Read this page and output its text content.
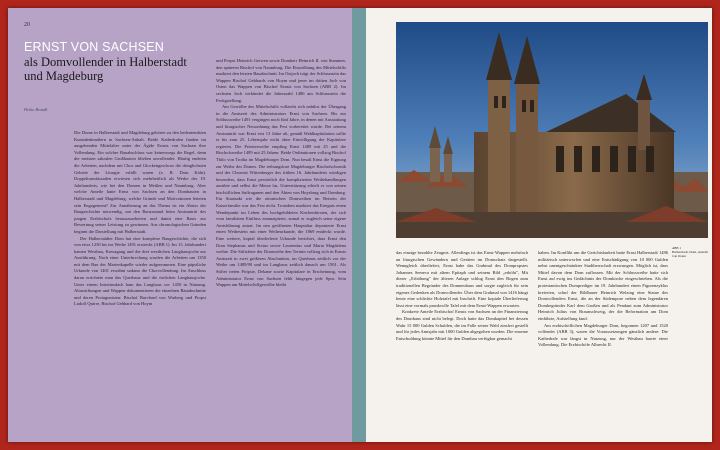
20
ERNST VON SACHSEN
als Domvollender in Halberstadt und Magdeburg
Heiko Brandl

Die Dome in Halberstadt und Magdeburg gehören zu den bedeutendsten Kunstdenkmälern in Sachsen-Anhalt. Beide Kathedralen fanden im ausgehenden Mittelalter unter der Ägide Ernsts von Sachsen ihre Vollendung. Ein solcher Bauabschluss war keineswegs die Regel, denn die meisten sakralen Großbauten blieben unvollendet. Häufig endeten die Arbeiten, nachdem mit Chor und Glockengeschoss die dringlichsten Gebiete der Liturgie erfüllt waren (z. B. Dom Köln). Doppelturmfassaden erwiesen sich mehrheitlich als Werke des 19. Jahrhunderts, wie bei den Domen in Meißen und Naumburg. Aber welche Anteile hatte Ernst von Sachsen an den Dombauten in Halberstadt und Magdeburg, welche Gründe und Motivationen leiteten sein Engagement? Zur Annäherung an das Thema ist ein Abriss der Baugeschichte notwendig, um den Bauzustand beim Amtsantritt des jungen Erzbischofs herauszuarbeiten und damit eine Basis zur Bewertung seiner Leistung zu gewinnen. Aus chronologischen Gründen beginnt die Darstellung mit Halberstadt.

Der Halberstädter Dom hat eine komplexe Baugeschichte, die sich von etwa 1230 bis ins Weihe 1491 erstreckt (ABB 1). Im 13. Jahrhundert kamen Westbau, Kreuzgang und die drei westlichen Langhausjoche zur Ausführung. Nach einer Unterbrechung wurden die Arbeiten um 1350 mit dem Bau der Marienkapelle wieder aufgenommen. Eine päpstliche Urkunde von 1401 erwähnt sodann die Chorvollendung. Im Anschluss daran errichtete man das Querhaus und die östlichen Langhausjoche. Unter einem Interimsdach kam das Langhaus vor 1450 in Nutzung. Altarstiftungen und Wappen dokumentieren die einzelnen Bauabschnitte und deren Protagonisten: Bischof Burchard von Warberg und Propst Ludolf Quirre, Bischof Gebhard von Hoym

und Propst Heinrich Gerwen sowie Domherr Heinrich II. von Stammer, den späteren Bischof von Naumburg. Die Einwölbung des Mittelschiffs markiert den letzten Bauabschnitt. Im Ostjoch trägt der Schlussstein das Wappen Bischof Gebhards von Hoym und jener im dritten Joch von Osten das Wappen von Bischof Ernsts von Sachsen (ABB 2). Im sechsten Joch verkündet die Jahreszahl 1486 am Schlussstein die Fertigstellung.

Am Gewölbe des Mittelschiffs vollzieht sich nahtlos der Übergang in die Amtszeit des Administrators Ernst von Sachsen. Bis zur Schlussweihe 1491 vergingen noch fünf Jahre, in denen mit Ausstattung und liturgischer Neuordnung das Fest vorbereitet wurde. Bei seinem Amtsantritt war Ernst erst 13 Jahre alt, gemäß Wahlkapitulation sollte er bis zum 25. Lebensjahr nicht ohne Einwilligung der Kapitulare regieren. Die Priesterweihe empfing Ernst 1489 mit 25 und die Bischofsweihe 1489 mit 25 Jahren. Beide Ordinationen vollzog Bischof Thilo von Trotha im Magdeburger Dom. Nun besaß Ernst die Eignung zur Weihe des Domes. Die reibungslose Magdeburger Bischofschronik und der Chronist Wittenberger des frühen 16. Jahrhunderts würdigen besonders, dass Ernst persönlich die komplizierten Weihehandlungen ausübte und selbst die Messe las. Unterstützung erhielt er von seinen bischöflichen Suffraganen und den Äbten von Huysburg und Ilsenburg. Ein Staatsakt wie die ottonischen Domweihen im Beisein der Kaiserfamilie war das Fest nicht. Trotzdem markiert das Ereignis einen Wendepunkt im Leben des hochgebildeten Kirchenfürsten, der sich vom familiären Einfluss emanzipierte, zumal er zugleich seine eigene Amtsführung antrat. Im neu geöffneten Hauptaltar deponierte Ernst einen Weihestein mit einer Weiheurkunde, die 1869 entdeckt wurde. Eine weitere, kopial überlieferte Urkunde berichtet, dass Ernst den Dom Stephanus und Sixtus sowie Laurentius und Maria Magdalena weihte. Die Stiftsfeier der Domweihe den Termin vollzog sich in Ernsts Amtszeit in zwei größeren Abschnitten, im Querhaus zeitlich vor der Weihe um 1489/90 und im Langhaus zeitlich danach um 1501. Als Stifter treten Pröpste, Dekane sowie Kapitulare in Erscheinung, vom Administrator Ernst von Sachsen fehlt hingegen jede Spur. Sein Wappen am Mittelschiffgewölbe bleibt

ABB 1
Halberstadt, Dom, Ansicht von Osten

das einzige bezahlte Zeugnis. Allerdings ist das Ernst-Wappen mehrfach an liturgischen Gewändern und Geräten im Domschatz dargestellt. Wenngleich überliefert, Ernst habe das Grabmal des Dompropstes Johannes Semeca mit altem Epitaph und seinem Bild „erhöht", Mit dieser „Erhöhung" der älteren Anlage schlug Ernst den Bogen zum traditionellen Begründer des Domneubaus und sorgte zugleich für sein eigenes Gedenken als Domvollender. Über dem Grabmal von 1416 hängt heute eine schlichte Holztafel mit Inschrift. Eine kopiale Überlieferung lässt eine vormals prunkvolle Tafel mit dem Ernst-Wappen erwarten.

Konkrete Anteile Erzbischof Ernsts von Sachsen an der Finanzierung des Dombaus sind nicht belegt. Doch hatte das Domkapitel bei dessen Wahr 15 000 Gulden Schulden, die im Falle seiner Wahl zinsfrei gestellt und für jedes Amtsjahr mit 1000 Gulden abgegolten wurden. Die enorme Entschuldung könnte Mittel für den Dombau verfügbar gemacht

haben. Im Konflikt um die Gerichtsbarkeit hatte Ernst Halberstadt 1486 militärisch unterworfen und eine Entschädigung von 10 000 Gulden nebst unentgeschränkter Stadtherrschaft erzwungen. Möglich ist, dass Mittel davon dem Dom zuflossen. Mit der Schlussweihe hatte sich Ernst auf ewig ins Gedächtnis der Domkirche eingeschrieben. Als die protestantischen Domprediger im 19. Jahrhundert einen Figurenzyklus kreierten, schuf der Bildhauer Heinrich Welzing eine Statue des Domvollenders Ernst, die an der Südempore neben dem legendären Dombegründer Karl dem Großen und als Pendant zum Administrator Heinrich Julius von Braunschweig, der die Reformation am Dom einführte, Aufstellung fand.

Am erzbischöflichen Magdeburger Dom, begonnen 1207 und 1520 vollendet (ABB 3), waren die Voraussetzungen gänzlich andere: Die Kathedrale war längst in Nutzung, nur der Westbau harrte einer Vollendung. Die Erzbischöfe Albrecht II.
